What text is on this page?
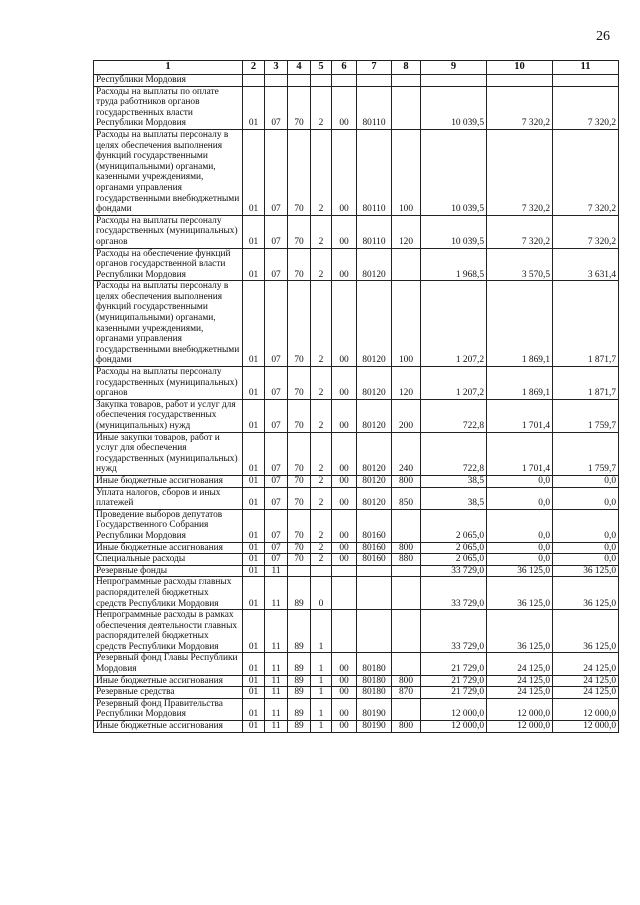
26
1	2	3	4	5	6	7	8	9	10	11
Республики Мордовия										
Расходы на выплаты по оплате труда работников органов государственных власти Республики Мордовия	01	07	70	2	00	80110		10 039,5	7 320,2	7 320,2
Расходы на выплаты персоналу в целях обеспечения выполнения функций государственными (муниципальными) органами, казенными учреждениями, органами управления государственными внебюджетными фондами	01	07	70	2	00	80110	100	10 039,5	7 320,2	7 320,2
Расходы на выплаты персоналу государственных (муниципальных) органов	01	07	70	2	00	80110	120	10 039,5	7 320,2	7 320,2
Расходы на обеспечение функций органов государственной власти Республики Мордовия	01	07	70	2	00	80120		1 968,5	3 570,5	3 631,4
Расходы на выплаты персоналу в целях обеспечения выполнения функций государственными (муниципальными) органами, казенными учреждениями, органами управления государственными внебюджетными фондами	01	07	70	2	00	80120	100	1 207,2	1 869,1	1 871,7
Расходы на выплаты персоналу государственных (муниципальных) органов	01	07	70	2	00	80120	120	1 207,2	1 869,1	1 871,7
Закупка товаров, работ и услуг для обеспечения государственных (муниципальных) нужд	01	07	70	2	00	80120	200	722,8	1 701,4	1 759,7
Иные закупки товаров, работ и услуг для обеспечения государственных (муниципальных) нужд	01	07	70	2	00	80120	240	722,8	1 701,4	1 759,7
Иные бюджетные ассигнования	01	07	70	2	00	80120	800	38,5	0,0	0,0
Уплата налогов, сборов и иных платежей	01	07	70	2	00	80120	850	38,5	0,0	0,0
Проведение выборов депутатов Государственного Собрания Республики Мордовия	01	07	70	2	00	80160		2 065,0	0,0	0,0
Иные бюджетные ассигнования	01	07	70	2	00	80160	800	2 065,0	0,0	0,0
Специальные расходы	01	07	70	2	00	80160	880	2 065,0	0,0	0,0
Резервные фонды	01	11						33 729,0	36 125,0	36 125,0
Непрограммные расходы главных распорядителей бюджетных средств Республики Мордовия	01	11	89	0				33 729,0	36 125,0	36 125,0
Непрограммные расходы в рамках обеспечения деятельности главных распорядителей бюджетных средств Республики Мордовия	01	11	89	1				33 729,0	36 125,0	36 125,0
Резервный фонд Главы Республики Мордовия	01	11	89	1	00	80180		21 729,0	24 125,0	24 125,0
Иные бюджетные ассигнования	01	11	89	1	00	80180	800	21 729,0	24 125,0	24 125,0
Резервные средства	01	11	89	1	00	80180	870	21 729,0	24 125,0	24 125,0
Резервный фонд Правительства Республики Мордовия	01	11	89	1	00	80190		12 000,0	12 000,0	12 000,0
Иные бюджетные ассигнования	01	11	89	1	00	80190	800	12 000,0	12 000,0	12 000,0
